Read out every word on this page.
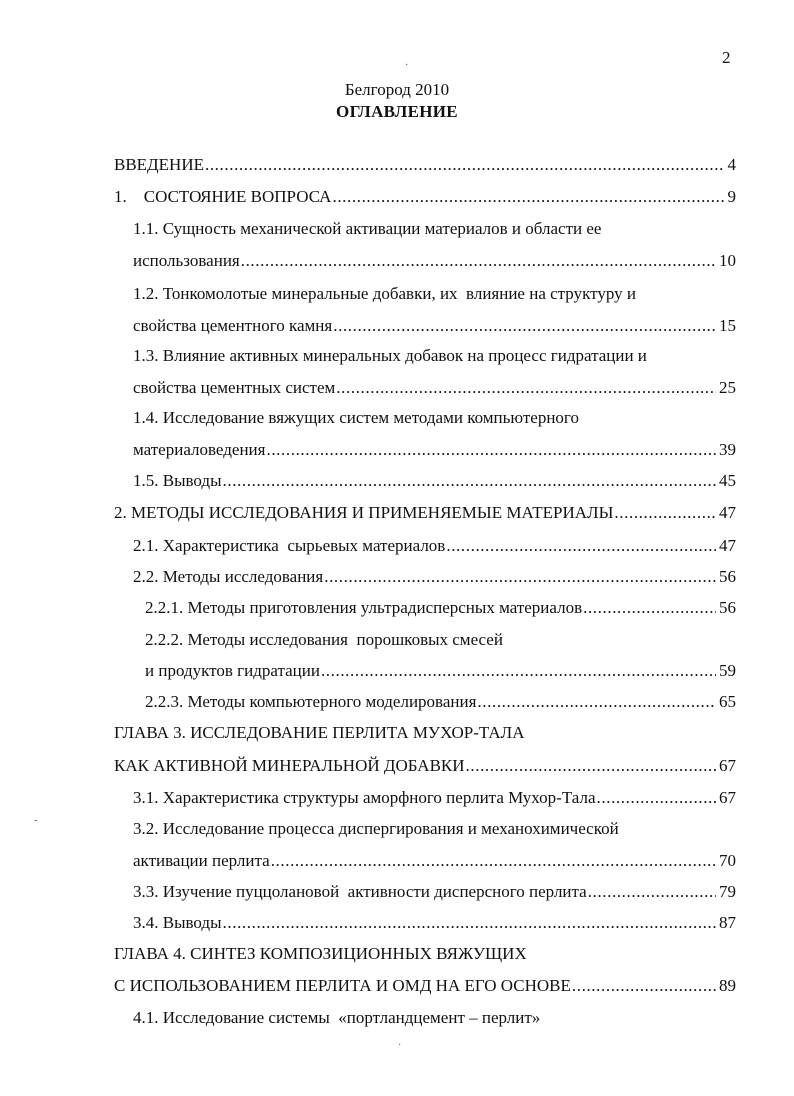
2
·
Белгород 2010
ОГЛАВЛЕНИЕ
ВВЕДЕНИЕ .....	4
1.    СОСТОЯНИЕ ВОПРОСА .....	9
1.1. Сущность механической активации материалов и области ее
использования .....	10
1.2. Тонкомолотые минеральные добавки, их  влияние на структуру и
свойства цементного камня .....	15
1.3. Влияние активных минеральных добавок на процесс гидратации и
свойства цементных систем .....	25
1.4. Исследование вяжущих систем методами компьютерного
материаловедения .....	39
1.5. Выводы .....	45
2. МЕТОДЫ ИССЛЕДОВАНИЯ И ПРИМЕНЯЕМЫЕ МАТЕРИАЛЫ .....	47
2.1. Характеристика  сырьевых материалов .....	47
2.2. Методы исследования .....	56
2.2.1. Методы приготовления ультрадисперсных материалов .....	56
2.2.2. Методы исследования  порошковых смесей
и продуктов гидратации .....	59
2.2.3. Методы компьютерного моделирования .....	65
ГЛАВА 3. ИССЛЕДОВАНИЕ ПЕРЛИТА МУХОР-ТАЛА
КАК АКТИВНОЙ МИНЕРАЛЬНОЙ ДОБАВКИ .....	67
3.1. Характеристика структуры аморфного перлита Мухор-Тала .....	67
3.2. Исследование процесса диспергирования и механохимической
активации перлита .....	70
3.3. Изучение пуццолановой  активности дисперсного перлита .....	79
3.4. Выводы .....	87
ГЛАВА 4. СИНТЕЗ КОМПОЗИЦИОННЫХ ВЯЖУЩИХ
С ИСПОЛЬЗОВАНИЕМ ПЕРЛИТА И ОМД НА ЕГО ОСНОВЕ .....	89
4.1. Исследование системы  «портландцемент – перлит»
-
·
